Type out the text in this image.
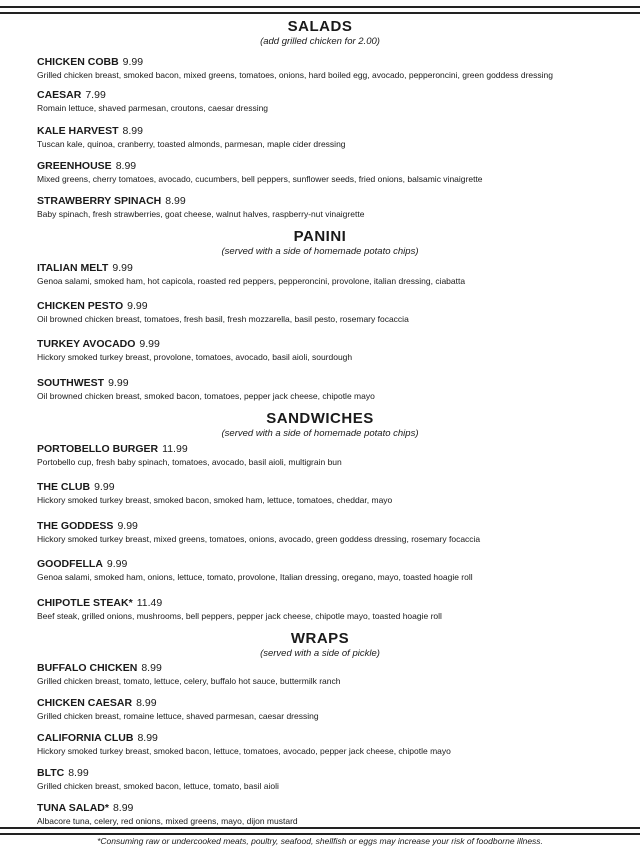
SALADS
(add grilled chicken for 2.00)
CHICKEN COBB 9.99
Grilled chicken breast, smoked bacon, mixed greens, tomatoes, onions, hard boiled egg, avocado, pepperoncini, green goddess dressing
CAESAR 7.99
Romain lettuce, shaved parmesan, croutons, caesar dressing
KALE HARVEST 8.99
Tuscan kale, quinoa, cranberry, toasted almonds, parmesan, maple cider dressing
GREENHOUSE 8.99
Mixed greens, cherry tomatoes, avocado, cucumbers, bell peppers, sunflower seeds, fried onions, balsamic vinaigrette
STRAWBERRY SPINACH 8.99
Baby spinach, fresh strawberries, goat cheese, walnut halves, raspberry-nut vinaigrette
PANINI
(served with a side of homemade potato chips)
ITALIAN MELT 9.99
Genoa salami, smoked ham, hot capicola, roasted red peppers, pepperoncini, provolone, italian dressing, ciabatta
CHICKEN PESTO 9.99
Oil browned chicken breast, tomatoes, fresh basil, fresh mozzarella, basil pesto, rosemary focaccia
TURKEY AVOCADO 9.99
Hickory smoked turkey breast, provolone, tomatoes, avocado, basil aioli, sourdough
SOUTHWEST 9.99
Oil browned chicken breast, smoked bacon, tomatoes, pepper jack cheese, chipotle mayo
SANDWICHES
(served with a side of homemade potato chips)
PORTOBELLO BURGER 11.99
Portobello cup, fresh baby spinach, tomatoes, avocado, basil aioli, multigrain bun
THE CLUB 9.99
Hickory smoked turkey breast, smoked bacon, smoked ham, lettuce, tomatoes, cheddar, mayo
THE GODDESS 9.99
Hickory smoked turkey breast, mixed greens, tomatoes, onions, avocado, green goddess dressing, rosemary focaccia
GOODFELLA 9.99
Genoa salami, smoked ham, onions, lettuce, tomato, provolone, Italian dressing, oregano, mayo, toasted hoagie roll
CHIPOTLE STEAK* 11.49
Beef steak, grilled onions, mushrooms, bell peppers, pepper jack cheese, chipotle mayo, toasted hoagie roll
WRAPS
(served with a side of pickle)
BUFFALO CHICKEN 8.99
Grilled chicken breast, tomato, lettuce, celery, buffalo hot sauce, buttermilk ranch
CHICKEN CAESAR 8.99
Grilled chicken breast, romaine lettuce, shaved parmesan, caesar dressing
CALIFORNIA CLUB 8.99
Hickory smoked turkey breast, smoked bacon, lettuce, tomatoes, avocado, pepper jack cheese, chipotle mayo
BLTC 8.99
Grilled chicken breast, smoked bacon, lettuce, tomato, basil aioli
TUNA SALAD* 8.99
Albacore tuna, celery, red onions, mixed greens, mayo, dijon mustard
*Consuming raw or undercooked meats, poultry, seafood, shellfish or eggs may increase your risk of foodborne illness.
